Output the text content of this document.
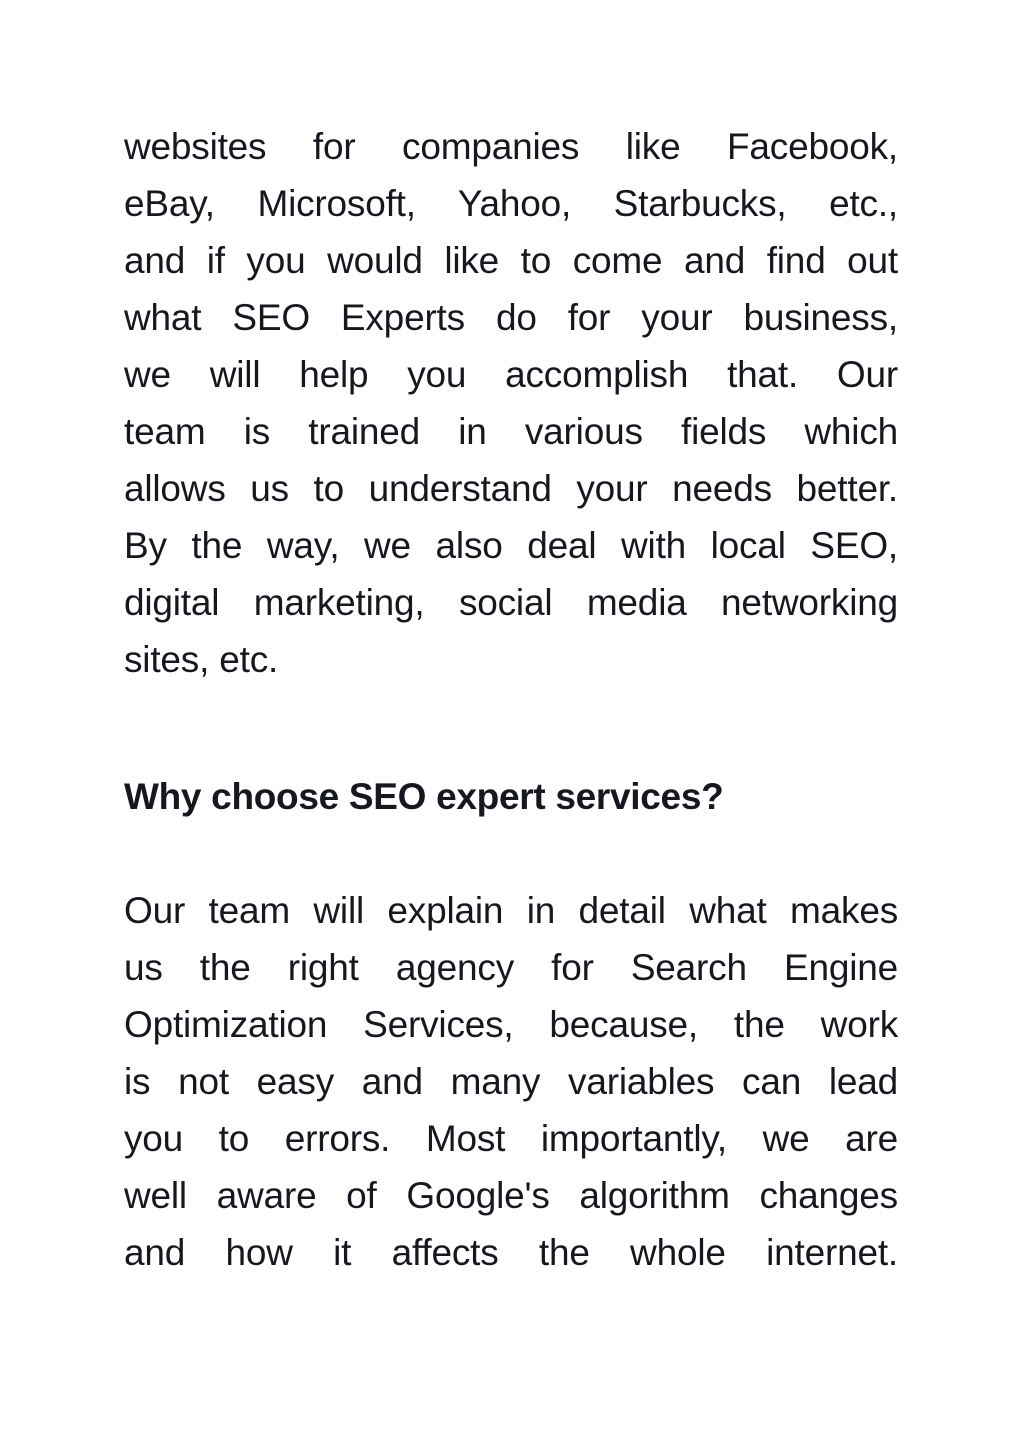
websites for companies like Facebook,
eBay, Microsoft, Yahoo, Starbucks, etc.,
and if you would like to come and find out
what SEO Experts do for your business,
we will help you accomplish that. Our
team is trained in various fields which
allows us to understand your needs better.
By the way, we also deal with local SEO,
digital marketing, social media networking
sites, etc.

Why choose SEO expert services?

Our team will explain in detail what makes
us the right agency for Search Engine
Optimization Services, because, the work
is not easy and many variables can lead
you to errors. Most importantly, we are
well aware of Google's algorithm changes
and how it affects the whole internet.
